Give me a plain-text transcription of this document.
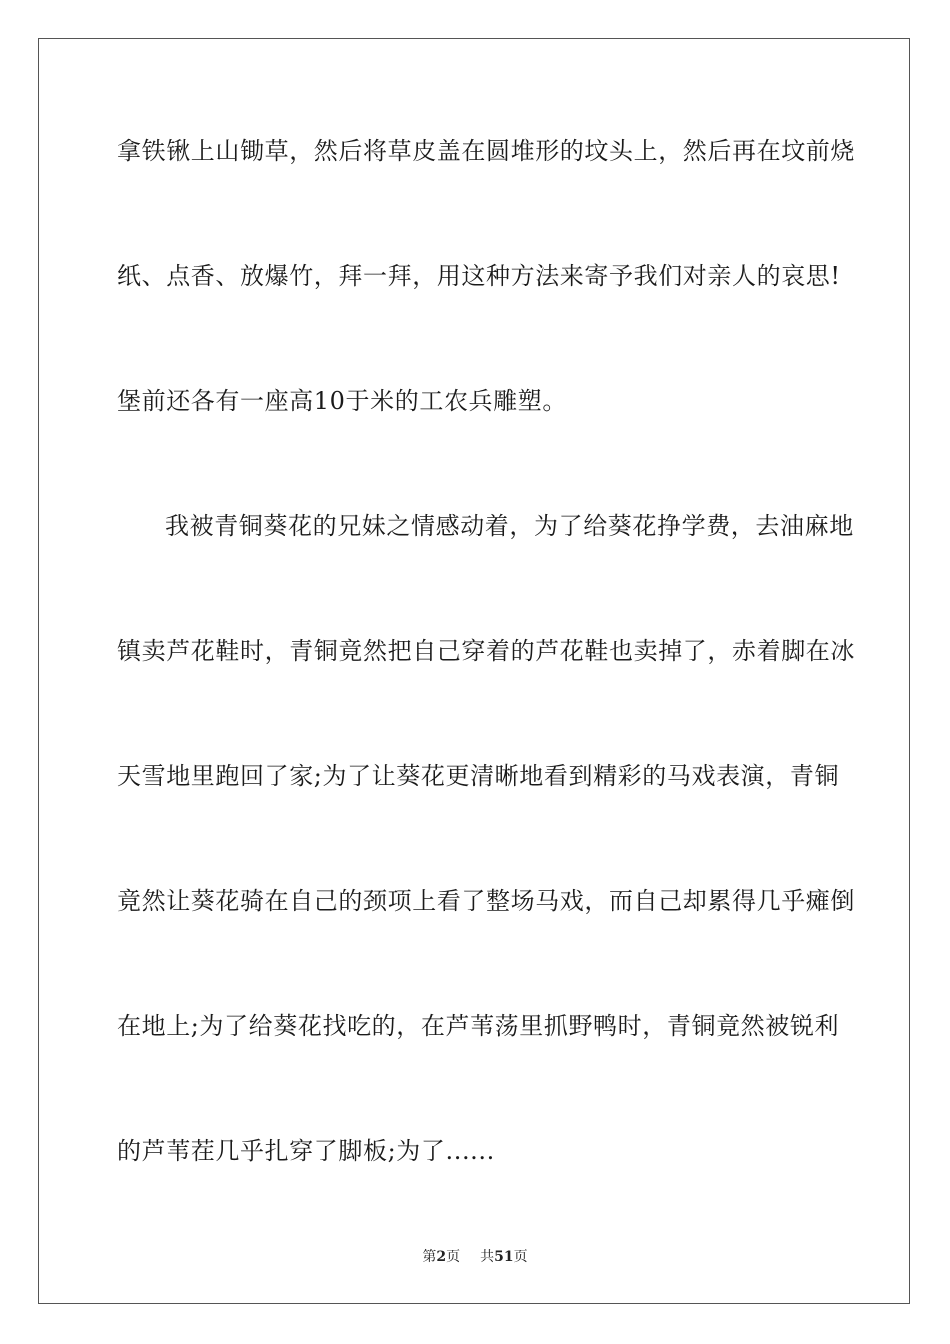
拿铁锹上山锄草，然后将草皮盖在圆堆形的坟头上，然后再在坟前烧
纸、点香、放爆竹，拜一拜，用这种方法来寄予我们对亲人的哀思!
堡前还各有一座高10于米的工农兵雕塑。
我被青铜葵花的兄妹之情感动着，为了给葵花挣学费，去油麻地
镇卖芦花鞋时，青铜竟然把自己穿着的芦花鞋也卖掉了，赤着脚在冰
天雪地里跑回了家;为了让葵花更清晰地看到精彩的马戏表演，青铜
竟然让葵花骑在自己的颈项上看了整场马戏，而自己却累得几乎瘫倒
在地上;为了给葵花找吃的，在芦苇荡里抓野鸭时，青铜竟然被锐利
的芦苇茬几乎扎穿了脚板;为了......
第2页 共51页
